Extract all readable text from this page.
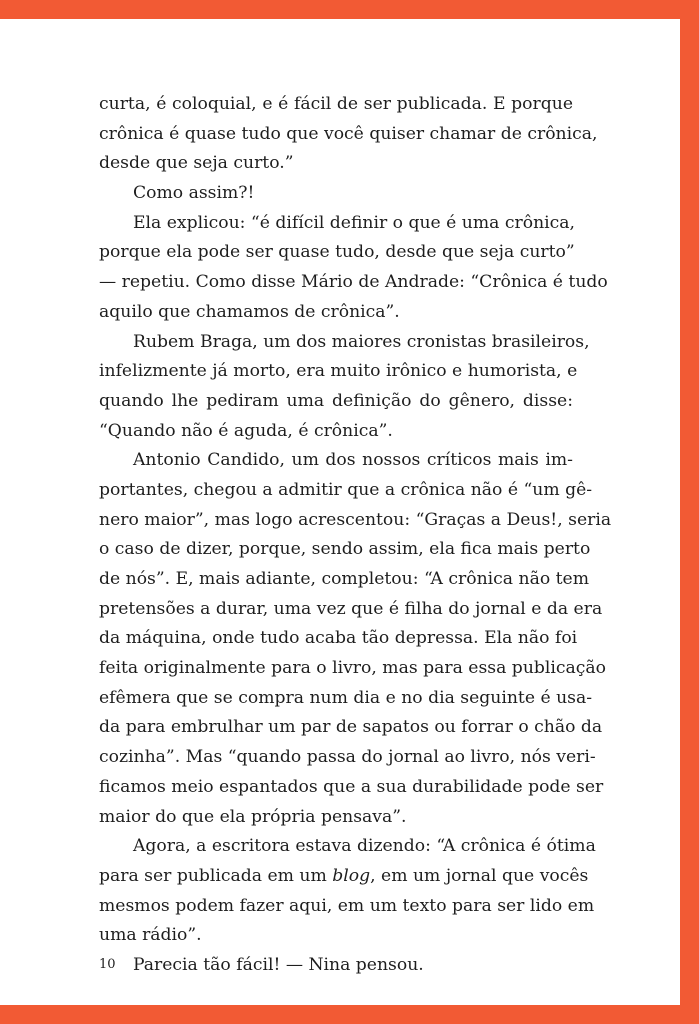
curta, é coloquial, e é fácil de ser publicada. E porque
crônica é quase tudo que você quiser chamar de crônica,
desde que seja curto.”
Como assim?!
Ela explicou: “é difícil definir o que é uma crônica,
porque ela pode ser quase tudo, desde que seja curto”
— repetiu. Como disse Mário de Andrade: “Crônica é tudo
aquilo que chamamos de crônica”.
Rubem Braga, um dos maiores cronistas brasileiros,
infelizmente já morto, era muito irônico e humorista, e
quando lhe pediram uma definição do gênero, disse:
“Quando não é aguda, é crônica”.
Antonio Candido, um dos nossos críticos mais im-
portantes, chegou a admitir que a crônica não é “um gê-
nero maior”, mas logo acrescentou: “Graças a Deus!, seria
o caso de dizer, porque, sendo assim, ela fica mais perto
de nós”. E, mais adiante, completou: “A crônica não tem
pretensões a durar, uma vez que é filha do jornal e da era
da máquina, onde tudo acaba tão depressa. Ela não foi
feita originalmente para o livro, mas para essa publicação
efêmera que se compra num dia e no dia seguinte é usa-
da para embrulhar um par de sapatos ou forrar o chão da
cozinha”. Mas “quando passa do jornal ao livro, nós veri-
ficamos meio espantados que a sua durabilidade pode ser
maior do que ela própria pensava”.
Agora, a escritora estava dizendo: “A crônica é ótima
para ser publicada em um blog, em um jornal que vocês
mesmos podem fazer aqui, em um texto para ser lido em
uma rádio”.
Parecia tão fácil! — Nina pensou.
10
